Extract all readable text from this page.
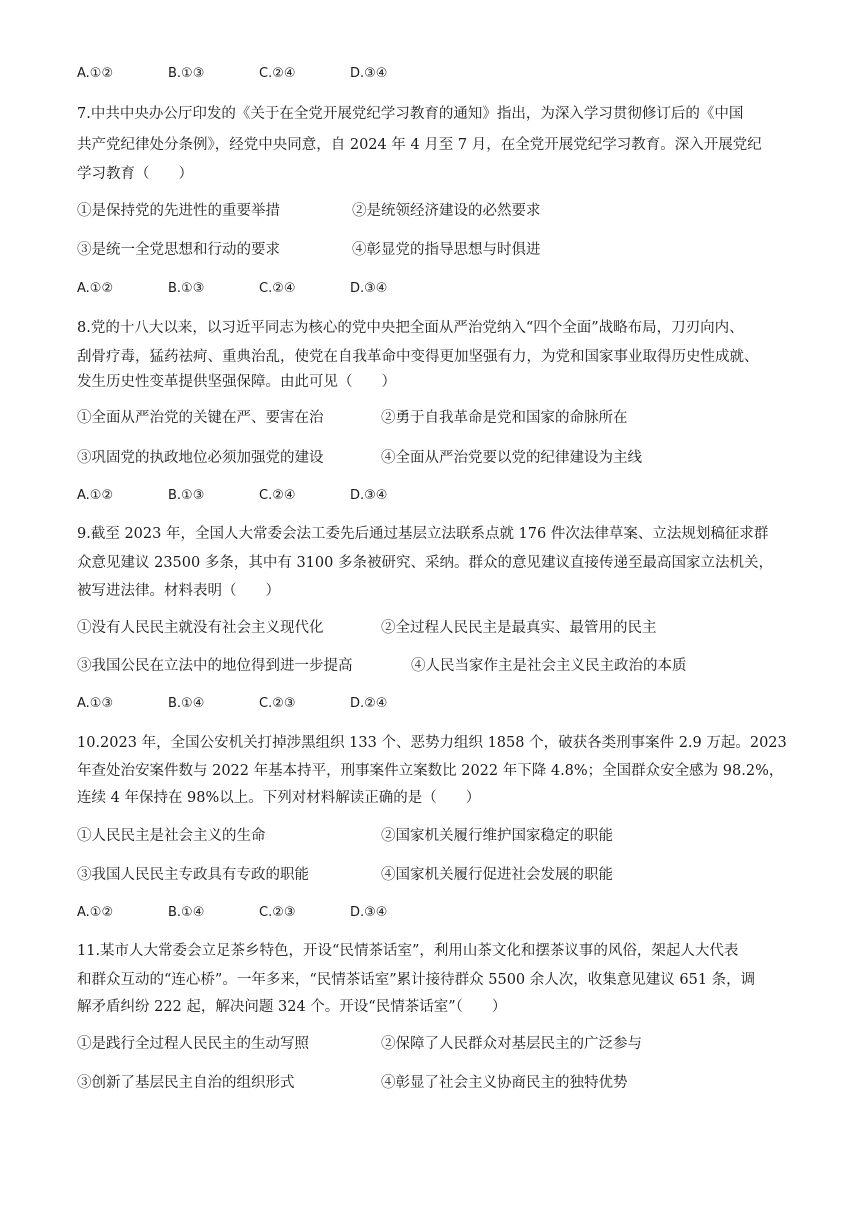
A.①②	B.①③	C.②④	D.③④
7.中共中央办公厅印发的《关于在全党开展党纪学习教育的通知》指出，为深入学习贯彻修订后的《中国
共产党纪律处分条例》，经党中央同意，自 2024 年 4 月至 7 月，在全党开展党纪学习教育。深入开展党纪
学习教育（　　）
①是保持党的先进性的重要举措	②是统领经济建设的必然要求
③是统一全党思想和行动的要求	④彰显党的指导思想与时俱进
A.①②	B.①③	C.②④	D.③④
8.党的十八大以来，以习近平同志为核心的党中央把全面从严治党纳入“四个全面”战略布局，刀刃向内、
刮骨疗毒，猛药祛疴、重典治乱，使党在自我革命中变得更加坚强有力，为党和国家事业取得历史性成就、
发生历史性变革提供坚强保障。由此可见（　　）
①全面从严治党的关键在严、要害在治	②勇于自我革命是党和国家的命脉所在
③巩固党的执政地位必须加强党的建设	④全面从严治党要以党的纪律建设为主线
A.①②	B.①③	C.②④	D.③④
9.截至 2023 年，全国人大常委会法工委先后通过基层立法联系点就 176 件次法律草案、立法规划稿征求群
众意见建议 23500 多条，其中有 3100 多条被研究、采纳。群众的意见建议直接传递至最高国家立法机关，
被写进法律。材料表明（　　）
①没有人民民主就没有社会主义现代化	②全过程人民民主是最真实、最管用的民主
③我国公民在立法中的地位得到进一步提高	④人民当家作主是社会主义民主政治的本质
A.①③	B.①④	C.②③	D.②④
10.2023 年，全国公安机关打掉涉黑组织 133 个、恶势力组织 1858 个，破获各类刑事案件 2.9 万起。2023
年查处治安案件数与 2022 年基本持平，刑事案件立案数比 2022 年下降 4.8%；全国群众安全感为 98.2%，
连续 4 年保持在 98%以上。下列对材料解读正确的是（　　）
①人民民主是社会主义的生命	②国家机关履行维护国家稳定的职能
③我国人民民主专政具有专政的职能	④国家机关履行促进社会发展的职能
A.①②	B.①④	C.②③	D.③④
11.某市人大常委会立足茶乡特色，开设“民情茶话室”，利用山茶文化和摆茶议事的风俗，架起人大代表
和群众互动的“连心桥”。一年多来，“民情茶话室”累计接待群众 5500 余人次，收集意见建议 651 条，调
解矛盾纠纷 222 起，解决问题 324 个。开设“民情茶话室”（　　）
①是践行全过程人民民主的生动写照	②保障了人民群众对基层民主的广泛参与
③创新了基层民主自治的组织形式	④彰显了社会主义协商民主的独特优势
